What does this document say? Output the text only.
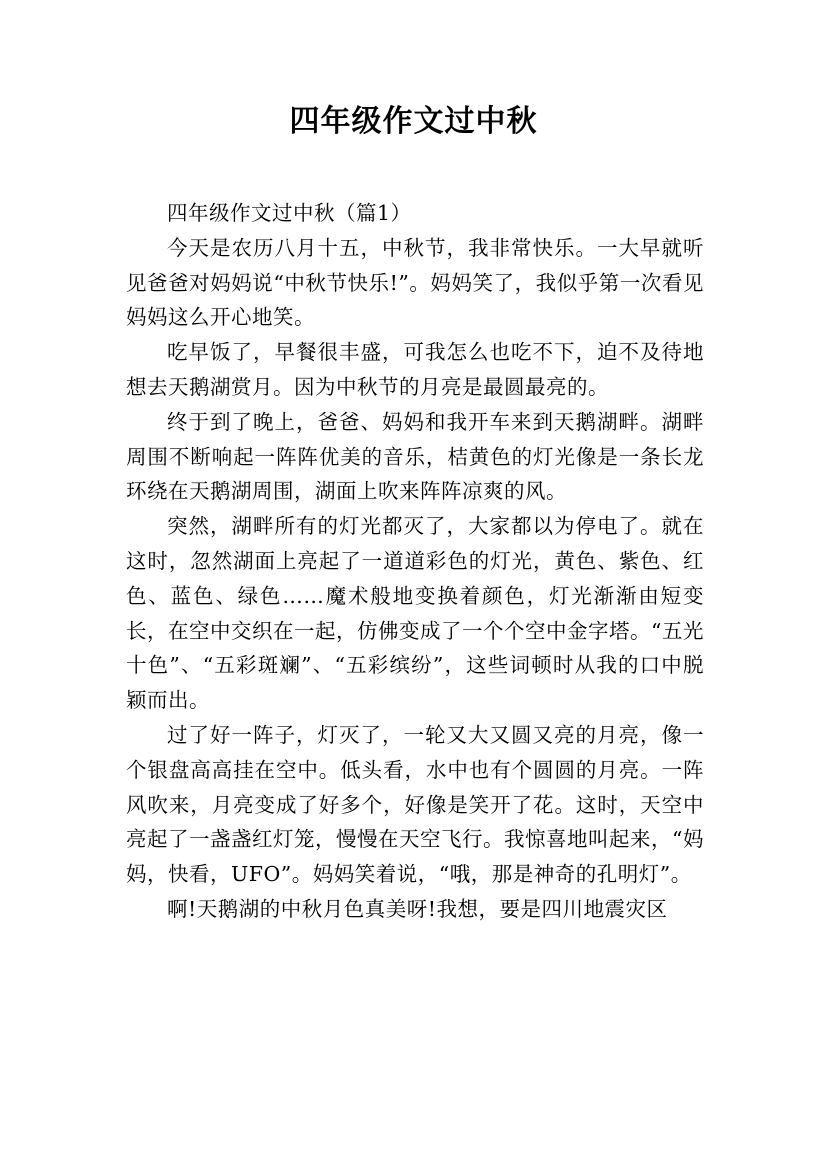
四年级作文过中秋

四年级作文过中秋（篇1）

今天是农历八月十五，中秋节，我非常快乐。一大早就听见爸爸对妈妈说“中秋节快乐!”。妈妈笑了，我似乎第一次看见妈妈这么开心地笑。

吃早饭了，早餐很丰盛，可我怎么也吃不下，迫不及待地想去天鹅湖赏月。因为中秋节的月亮是最圆最亮的。

终于到了晚上，爸爸、妈妈和我开车来到天鹅湖畔。湖畔周围不断响起一阵阵优美的音乐，桔黄色的灯光像是一条长龙环绕在天鹅湖周围，湖面上吹来阵阵凉爽的风。

突然，湖畔所有的灯光都灭了，大家都以为停电了。就在这时，忽然湖面上亮起了一道道彩色的灯光，黄色、紫色、红色、蓝色、绿色……魔术般地变换着颜色，灯光渐渐由短变长，在空中交织在一起，仿佛变成了一个个空中金字塔。“五光十色”、“五彩斑斓”、“五彩缤纷”，这些词顿时从我的口中脱颖而出。

过了好一阵子，灯灭了，一轮又大又圆又亮的月亮，像一个银盘高高挂在空中。低头看，水中也有个圆圆的月亮。一阵风吹来，月亮变成了好多个，好像是笑开了花。这时，天空中亮起了一盏盏红灯笼，慢慢在天空飞行。我惊喜地叫起来，“妈妈，快看，UFO”。妈妈笑着说，“哦，那是神奇的孔明灯”。

啊!天鹅湖的中秋月色真美呀!我想，要是四川地震灾区
